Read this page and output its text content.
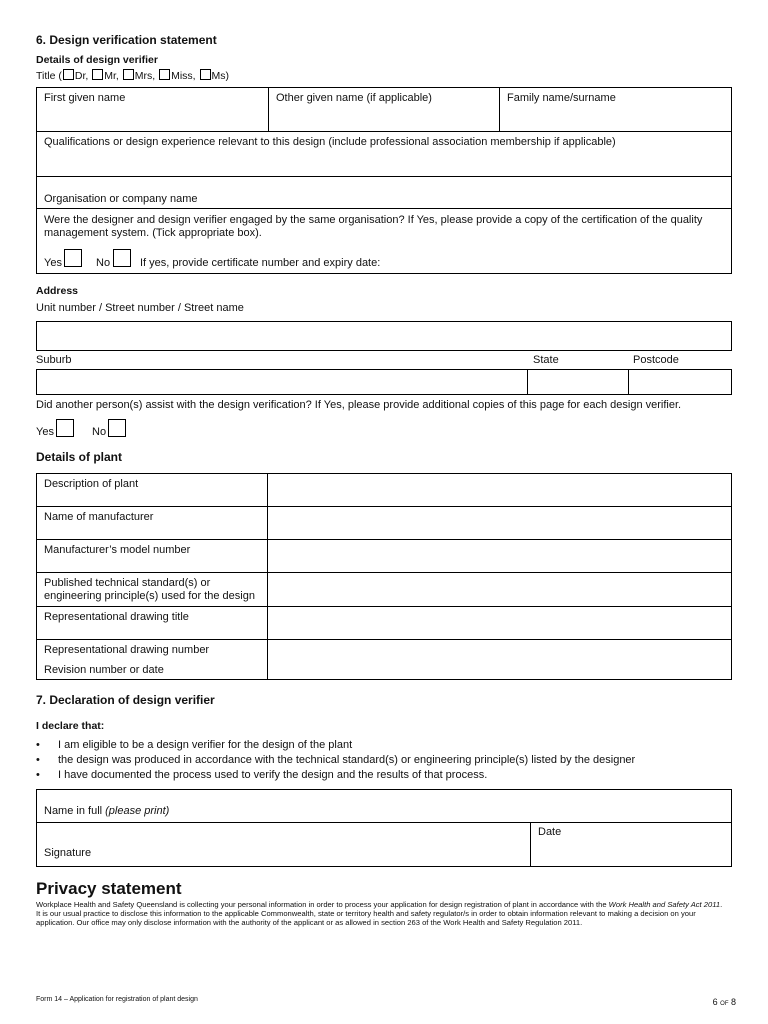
6. Design verification statement
Details of design verifier
Title ( Dr, Mr, Mrs, Miss, Ms)
First given name	Other given name (if applicable)	Family name/surname
Qualifications or design experience relevant to this design (include professional association membership if applicable)
Organisation or company name
Were the designer and design verifier engaged by the same organisation? If Yes, please provide a copy of the certification of the quality management system. (Tick appropriate box).
Yes	No	If yes, provide certificate number and expiry date:
Address
Unit number / Street number / Street name
Suburb	State	Postcode
Did another person(s) assist with the design verification? If Yes, please provide additional copies of this page for each design verifier.
Yes	No
Details of plant
Description of plant
Name of manufacturer
Manufacturer’s model number
Published technical standard(s) or engineering principle(s) used for the design
Representational drawing title
Representational drawing number
Revision number or date
7. Declaration of design verifier
I declare that:
• I am eligible to be a design verifier for the design of the plant
• the design was produced in accordance with the technical standard(s) or engineering principle(s) listed by the designer
• I have documented the process used to verify the design and the results of that process.
Name in full (please print)
Date
Signature
Privacy statement
Workplace Health and Safety Queensland is collecting your personal information in order to process your application for design registration of plant in accordance with the Work Health and Safety Act 2011. It is our usual practice to disclose this information to the applicable Commonwealth, state or territory health and safety regulator/s in order to obtain information relevant to making a decision on your application. Our office may only disclose information with the authority of the applicant or as allowed in section 263 of the Work Health and Safety Regulation 2011.
Form 14 – Application for registration of plant design	6 of 8
